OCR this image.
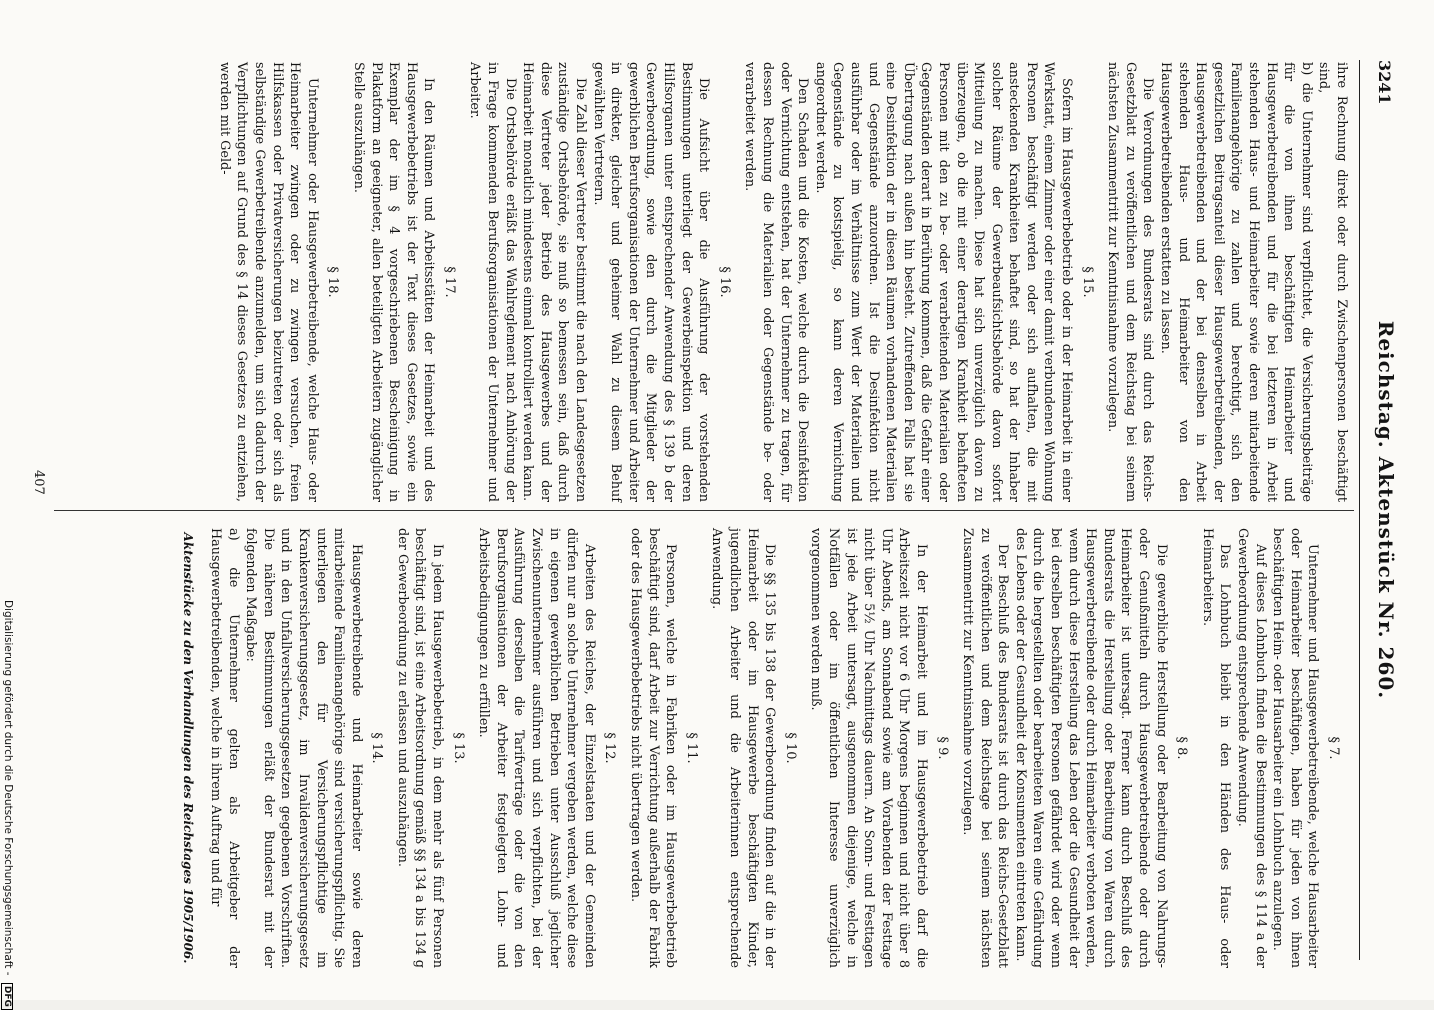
3241
Reichstag. Aktenstück Nr. 260.

ihre Rechnung direkt oder durch Zwischenpersonen beschäftigt sind,

b) die Unternehmer sind verpflichtet, die Versicherungsbeiträge für die von ihnen beschäftigten Heimarbeiter und Hausgewerbetreibenden und für die bei letzteren in Arbeit stehenden Haus- und Heimarbeiter sowie deren mitarbeitende Familienangehörige zu zahlen und berechtigt, sich den gesetzlichen Beitragsanteil dieser Hausgewerbetreibenden, der Hausgewerbetreibenden und der bei denselben in Arbeit stehenden Haus- und Heimarbeiter von den Hausgewerbetreibenden erstatten zu lassen.

Die Verordnungen des Bundesrats sind durch das Reichs-Gesetzblatt zu veröffentlichen und dem Reichstag bei seinem nächsten Zusammentritt zur Kenntnisnahme vorzulegen.

§ 15.

Sofern im Hausgewerbebetrieb oder in der Heimarbeit in einer Werkstatt, einem Zimmer oder einer damit verbundenen Wohnung Personen beschäftigt werden oder sich aufhalten, die mit ansteckenden Krankheiten behaftet sind, so hat der Inhaber solcher Räume der Gewerbeaufsichtsbehörde davon sofort Mitteilung zu machen. Diese hat sich unverzüglich davon zu überzeugen, ob die mit einer derartigen Krankheit behafteten Personen mit den zu be- oder verarbeitenden Materialien oder Gegenständen derart in Berührung kommen, daß die Gefahr einer Übertragung nach außen hin besteht. Zutreffenden Falls hat sie eine Desinfektion der in diesen Räumen vorhandenen Materialien und Gegenstände anzuordnen. Ist die Desinfektion nicht ausführbar oder im Verhältnisse zum Wert der Materialien und Gegenstände zu kostspielig, so kann deren Vernichtung angeordnet werden.

Den Schaden und die Kosten, welche durch die Desinfektion oder Vernichtung entstehen, hat der Unternehmer zu tragen, für dessen Rechnung die Materialien oder Gegenstände be- oder verarbeitet werden.

§ 16.

Die Aufsicht über die Ausführung der vorstehenden Bestimmungen unterliegt der Gewerbeinspektion und deren Hilfsorganen unter entsprechender Anwendung des § 139 b der Gewerbeordnung, sowie den durch die Mitglieder der gewerblichen Berufsorganisationen der Unternehmer und Arbeiter in direkter, gleicher und geheimer Wahl zu diesem Behuf gewählten Vertretern.

Die Zahl dieser Vertreter bestimmt die nach den Landesgesetzen zuständige Ortsbehörde, sie muß so bemessen sein, daß durch diese Vertreter jeder Betrieb des Hausgewerbes und der Heimarbeit monatlich mindestens einmal kontrolliert werden kann.

Die Ortsbehörde erläßt das Wahlreglement nach Anhörung der in Frage kommenden Berufsorganisationen der Unternehmer und Arbeiter.

§ 17.

In den Räumen und Arbeitsstätten der Heimarbeit und des Hausgewerbebetriebs ist der Text dieses Gesetzes, sowie ein Exemplar der im § 4 vorgeschriebenen Bescheinigung in Plakatform an geeigneter, allen beteiligten Arbeitern zugänglicher Stelle auszuhängen.

§ 18.

Unternehmer oder Hausgewerbetreibende, welche Haus- oder Heimarbeiter zwingen oder zu zwingen versuchen, freien Hilfskassen oder Privatversicherungen beizutreten oder sich als selbständige Gewerbetreibende anzumelden, um sich dadurch der Verpflichtungen auf Grund des § 14 dieses Gesetzes zu entziehen, werden mit Geld-

§ 7.

Unternehmer und Hausgewerbetreibende, welche Hausarbeiter oder Heimarbeiter beschäftigen, haben für jeden von ihnen beschäftigten Heim- oder Hausarbeiter ein Lohnbuch anzulegen.

Auf dieses Lohnbuch finden die Bestimmungen des § 114 a der Gewerbeordnung entsprechende Anwendung.

Das Lohnbuch bleibt in den Händen des Haus- oder Heimarbeiters.

§ 8.

Die gewerbliche Herstellung oder Bearbeitung von Nahrungs- oder Genußmitteln durch Hausgewerbetreibende oder durch Heimarbeiter ist untersagt. Ferner kann durch Beschluß des Bundesrats die Herstellung oder Bearbeitung von Waren durch Hausgewerbetreibende oder durch Heimarbeiter verboten werden, wenn durch diese Herstellung das Leben oder die Gesundheit der bei derselben beschäftigten Personen gefährdet wird oder wenn durch die hergestellten oder bearbeiteten Waren eine Gefährdung des Lebens oder der Gesundheit der Konsumenten eintreten kann.

Der Beschluß des Bundesrats ist durch das Reichs-Gesetzblatt zu veröffentlichen und dem Reichstage bei seinem nächsten Zusammentritt zur Kenntnisnahme vorzulegen.

§ 9.

In der Heimarbeit und im Hausgewerbebetrieb darf die Arbeitszeit nicht vor 6 Uhr Morgens beginnen und nicht über 8 Uhr Abends, am Sonnabend sowie am Vorabenden der Festtage nicht über 5½ Uhr Nachmittags dauern. An Sonn- und Festtagen ist jede Arbeit untersagt, ausgenommen diejenige, welche in Notfällen oder im öffentlichen Interesse unverzüglich vorgenommen werden muß.

§ 10.

Die §§ 135 bis 138 der Gewerbeordnung finden auf die in der Heimarbeit oder im Hausgewerbe beschäftigten Kinder, jugendlichen Arbeiter und die Arbeiterinnen entsprechende Anwendung.

§ 11.

Personen, welche in Fabriken oder im Hausgewerbebetrieb beschäftigt sind, darf Arbeit zur Verrichtung außerhalb der Fabrik oder des Hausgewerbebetriebs nicht übertragen werden.

§ 12.

Arbeiten des Reiches, der Einzelstaaten und der Gemeinden dürfen nur an solche Unternehmer vergeben werden, welche diese in eigenen gewerblichen Betrieben unter Ausschluß jeglicher Zwischenunternehmer ausführen und sich verpflichten, bei der Ausführung derselben die Tarifverträge oder die von den Berufsorganisationen der Arbeiter festgelegten Lohn- und Arbeitsbedingungen zu erfüllen.

§ 13.

In jedem Hausgewerbebetrieb, in dem mehr als fünf Personen beschäftigt sind, ist eine Arbeitsordnung gemäß §§ 134 a bis 134 g der Gewerbeordnung zu erlassen und auszuhängen.

§ 14.

Hausgewerbetreibende und Heimarbeiter sowie deren mitarbeitende Familienangehörige sind versicherungspflichtig. Sie unterliegen den für Versicherungspflichtige im Krankenversicherungsgesetz, im Invalidenversicherungsgesetz und in den Unfallversicherungsgesetzen gegebenen Vorschriften. Die näheren Bestimmungen erläßt der Bundesrat mit der folgenden Maßgabe:

a) die Unternehmer gelten als Arbeitgeber der Hausgewerbetreibenden, welche in ihrem Auftrag und für

Aktenstücke zu den Verhandlungen des Reichstages 1905/1906.
407
Digitalisierung gefördert durch die Deutsche Forschungsgemeinschaft - DFG
